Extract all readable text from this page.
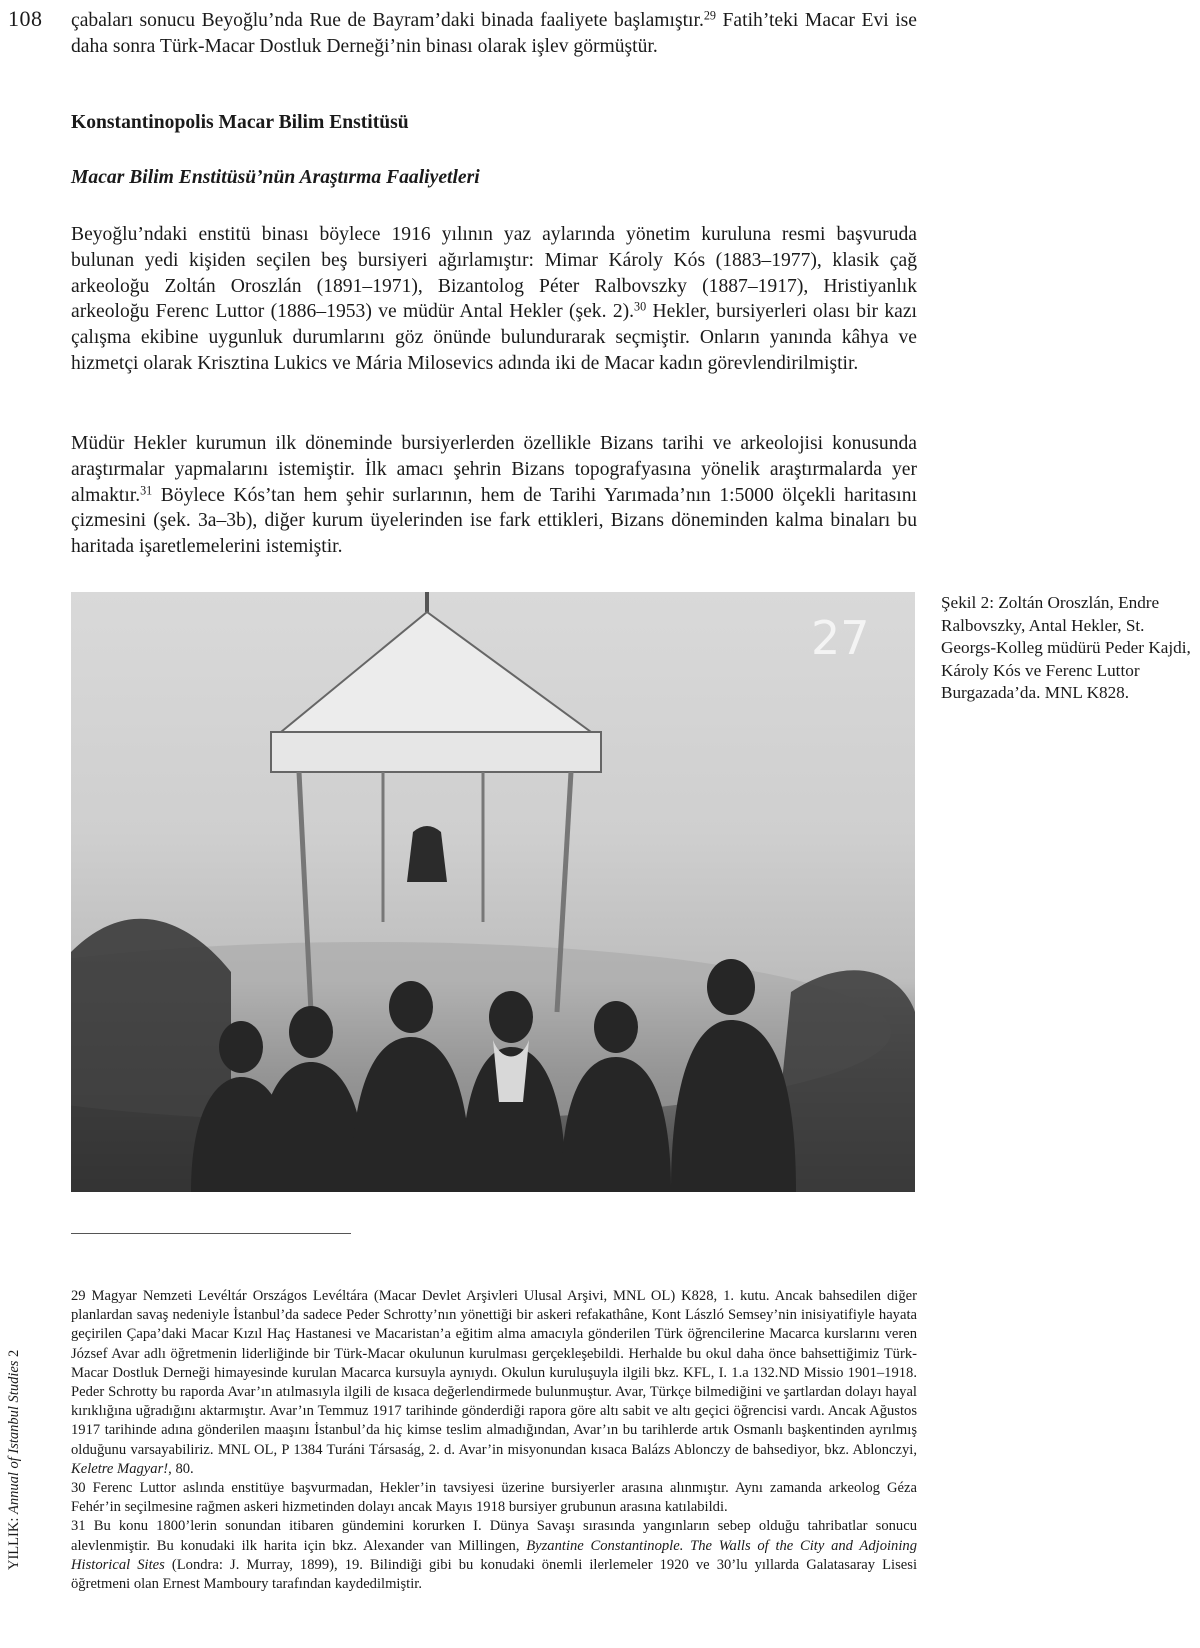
108
YILLIK: Annual of Istanbul Studies 2

çabaları sonucu Beyoğlu’nda Rue de Bayram’daki binada faaliyete başlamıştır.$^{29}$ Fatih’teki Macar Evi ise daha sonra Türk-Macar Dostluk Derneği’nin binası olarak işlev görmüştür.

Konstantinopolis Macar Bilim Enstitüsü
Macar Bilim Enstitüsü’nün Araştırma Faaliyetleri

Beyoğlu’ndaki enstitü binası böylece 1916 yılının yaz aylarında yönetim kuruluna resmi başvuruda bulunan yedi kişiden seçilen beş bursiyeri ağırlamıştır: Mimar Károly Kós (1883–1977), klasik çağ arkeoloğu Zoltán Oroszlán (1891–1971), Bizantolog Péter Ralbovszky (1887–1917), Hristiyanlık arkeoloğu Ferenc Luttor (1886–1953) ve müdür Antal Hekler (şek. 2).$^{30}$ Hekler, bursiyerleri olası bir kazı çalışma ekibine uygunluk durumlarını göz önünde bulundurarak seçmiştir. Onların yanında kâhya ve hizmetçi olarak Krisztina Lukics ve Mária Milosevics adında iki de Macar kadın görevlendirilmiştir.

Müdür Hekler kurumun ilk döneminde bursiyerlerden özellikle Bizans tarihi ve arkeolojisi konusunda araştırmalar yapmalarını istemiştir. İlk amacı şehrin Bizans topografyasına yönelik araştırmalarda yer almaktır.$^{31}$ Böylece Kós’tan hem şehir surlarının, hem de Tarihi Yarımada’nın 1:5000 ölçekli haritasını çizmesini (şek. 3a–3b), diğer kurum üyelerinden ise fark ettikleri, Bizans döneminden kalma binaları bu haritada işaretlemelerini istemiştir.

27

Şekil 2: Zoltán Oroszlán, Endre Ralbovszky, Antal Hekler, St. Georgs-Kolleg müdürü Peder Kajdi, Károly Kós ve Ferenc Luttor Burgazada’da. MNL K828.

29 Magyar Nemzeti Levéltár Országos Levéltára (Macar Devlet Arşivleri Ulusal Arşivi, MNL OL) K828, 1. kutu. Ancak bahsedilen diğer planlardan savaş nedeniyle İstanbul’da sadece Peder Schrotty’nın yönettiği bir askeri refakathâne, Kont László Semsey’nin inisiyatifiyle hayata geçirilen Çapa’daki Macar Kızıl Haç Hastanesi ve Macaristan’a eğitim alma amacıyla gönderilen Türk öğrencilerine Macarca kurslarını veren József Avar adlı öğretmenin liderliğinde bir Türk-Macar okulunun kurulması gerçekleşebildi. Herhalde bu okul daha önce bahsettiğimiz Türk-Macar Dostluk Derneği himayesinde kurulan Macarca kursuyla aynıydı. Okulun kuruluşuyla ilgili bkz. KFL, I. 1.a 132.ND Missio 1901–1918. Peder Schrotty bu raporda Avar’ın atılmasıyla ilgili de kısaca değerlendirmede bulunmuştur. Avar, Türkçe bilmediğini ve şartlardan dolayı hayal kırıklığına uğradığını aktarmıştır. Avar’ın Temmuz 1917 tarihinde gönderdiği rapora göre altı sabit ve altı geçici öğrencisi vardı. Ancak Ağustos 1917 tarihinde adına gönderilen maaşını İstanbul’da hiç kimse teslim almadığından, Avar’ın bu tarihlerde artık Osmanlı başkentinden ayrılmış olduğunu varsayabiliriz. MNL OL, P 1384 Turáni Társaság, 2. d. Avar’in misyonundan kısaca Balázs Ablonczy de bahsediyor, bkz. Ablonczyi, Keletre Magyar!, 80.

30 Ferenc Luttor aslında enstitüye başvurmadan, Hekler’in tavsiyesi üzerine bursiyerler arasına alınmıştır. Aynı zamanda arkeolog Géza Fehér’in seçilmesine rağmen askeri hizmetinden dolayı ancak Mayıs 1918 bursiyer grubunun arasına katılabildi.

31 Bu konu 1800’lerin sonundan itibaren gündemini korurken I. Dünya Savaşı sırasında yangınların sebep olduğu tahribatlar sonucu alevlenmiştir. Bu konudaki ilk harita için bkz. Alexander van Millingen, Byzantine Constantinople. The Walls of the City and Adjoining Historical Sites (Londra: J. Murray, 1899), 19. Bilindiği gibi bu konudaki önemli ilerlemeler 1920 ve 30’lu yıllarda Galatasaray Lisesi öğretmeni olan Ernest Mamboury tarafından kaydedilmiştir.
